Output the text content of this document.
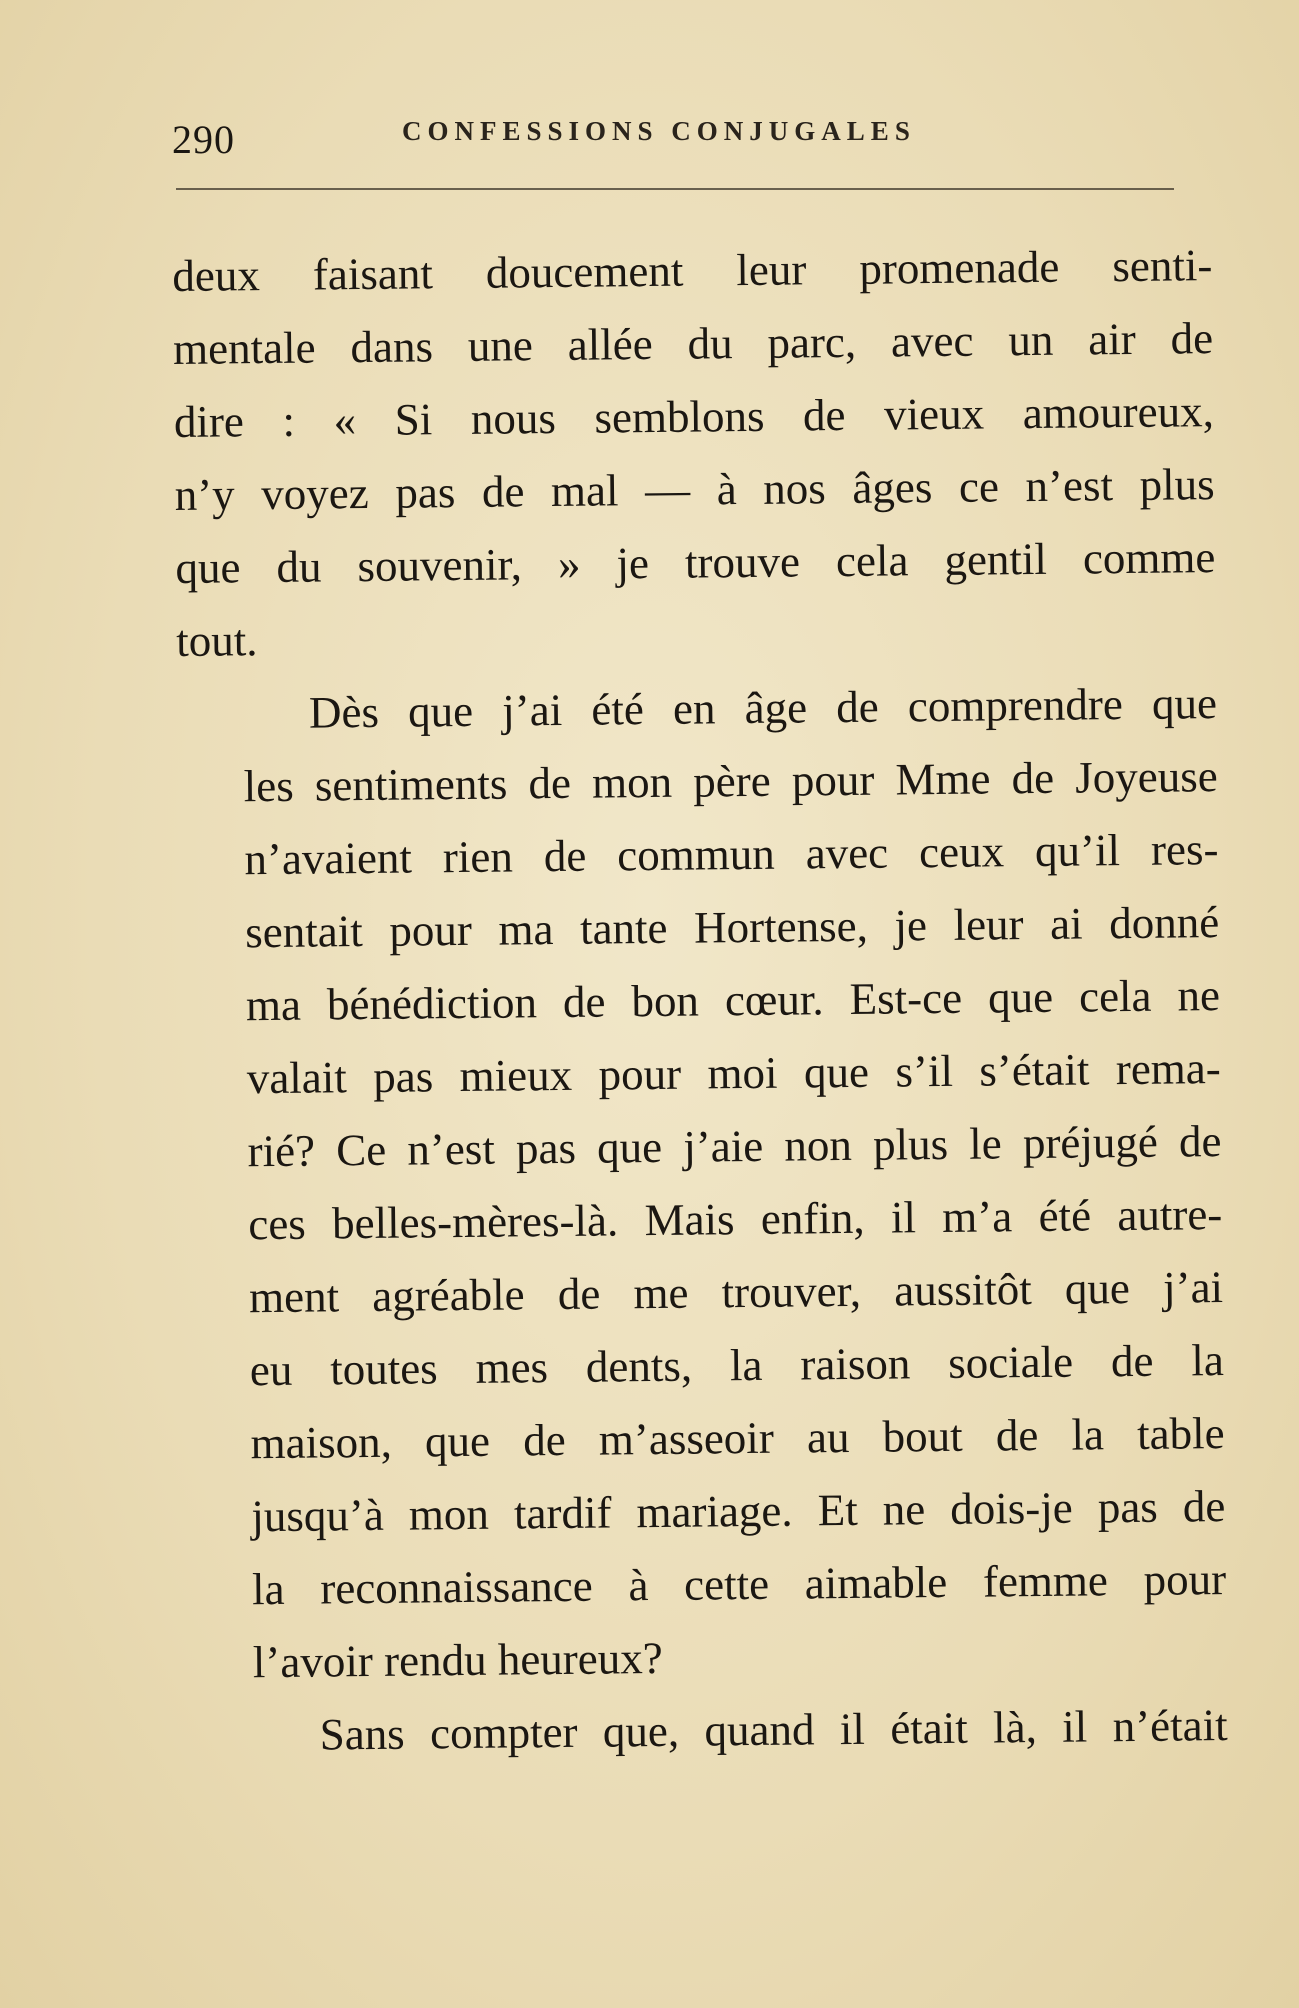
290	CONFESSIONS CONJUGALES

deux faisant doucement leur promenade senti-
mentale dans une allée du parc, avec un air de
dire : « Si nous semblons de vieux amoureux,
n’y voyez pas de mal — à nos âges ce n’est plus
que du souvenir, » je trouve cela gentil comme
tout.

Dès que j’ai été en âge de comprendre que
les sentiments de mon père pour Mme de Joyeuse
n’avaient rien de commun avec ceux qu’il res-
sentait pour ma tante Hortense, je leur ai donné
ma bénédiction de bon cœur. Est-ce que cela ne
valait pas mieux pour moi que s’il s’était rema-
rié? Ce n’est pas que j’aie non plus le préjugé de
ces belles-mères-là. Mais enfin, il m’a été autre-
ment agréable de me trouver, aussitôt que j’ai
eu toutes mes dents, la raison sociale de la
maison, que de m’asseoir au bout de la table
jusqu’à mon tardif mariage. Et ne dois-je pas de
la reconnaissance à cette aimable femme pour
l’avoir rendu heureux?

Sans compter que, quand il était là, il n’était
